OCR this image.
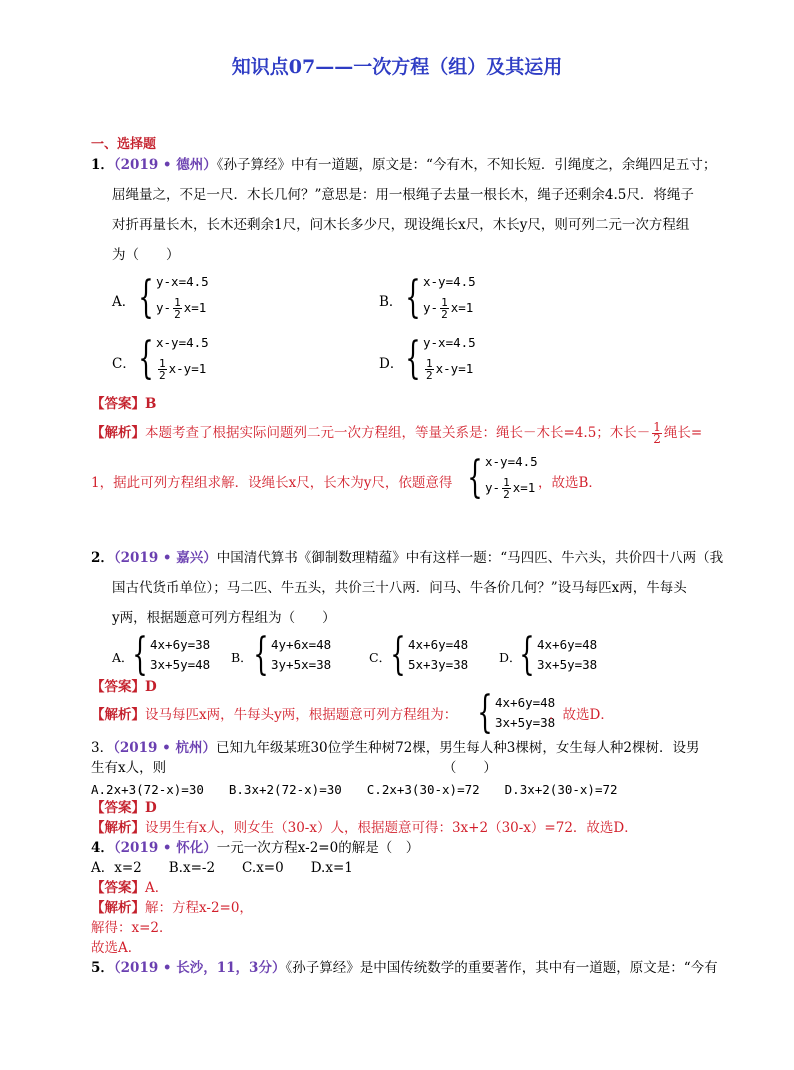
知识点07——一次方程（组）及其运用
一、选择题
1．（2019 • 德州）《孙子算经》中有一道题，原文是：“今有木，不知长短．引绳度之，余绳四足五寸；
屈绳量之，不足一尺．木长几何？”意思是：用一根绳子去量一根长木，绳子还剩余4.5尺．将绳子
对折再量长木，长木还剩余1尺，问木长多少尺，现设绳长x尺，木长y尺，则可列二元一次方程组
为（　　）
A． { y-x=4.5
$y- \frac{1}{2} x=1$	B． { x-y=4.5
$y- \frac{1}{2} x=1$
C． { x-y=4.5
$\frac{1}{2} x-y=1$	D． { y-x=4.5
$\frac{1}{2} x-y=1$
【答案】B
【解析】本题考查了根据实际问题列二元一次方程组，等量关系是：绳长－木长=4.5；木长－ $\frac{1}{2}$ 绳长=
1，据此可列方程组求解．设绳长x尺，长木为y尺，依题意得 { x-y=4.5
$y- \frac{1}{2} x=1$ ，故选B．
2．（2019 • 嘉兴）中国清代算书《御制数理精蕴》中有这样一题：“马四匹、牛六头，共价四十八两（我
国古代货币单位）；马二匹、牛五头，共价三十八两．问马、牛各价几何？”设马每匹x两，牛每头
y两，根据题意可列方程组为（　　）
A．
{ 4x+6y=38
3x+5y=48 B． { 4y+6x=48
3y+5x=38	C． { 4x+6y=48
5x+3y=38 D．
{ 4x+6y=48
3x+5y=38
【答案】D
【解析】设马每匹x两，牛每头y两，根据题意可列方程组为： { 4x+6y=48
3x+5y=38
．故选D．
3．（2019 • 杭州）已知九年级某班30位学生种树72棵，男生每人种3棵树，女生每人种2棵树．设男
生有x人，则　　　　　　　　　　　　　　　　　　　　　（　　）
A.2x+3(72-x)=30　　B.3x+2(72-x)=30　　C.2x+3(30-x)=72　　D.3x+2(30-x)=72
【答案】D
【解析】设男生有x人，则女生（30-x）人，根据题意可得：3x+2（30-x）=72．故选D．
4．（2019 • 怀化）一元一次方程x-2=0的解是（　）
A．x=2　　B.x=-2　　C.x=0　　D.x=1
【答案】A．
【解析】解：方程x-2=0，
解得：x=2．
故选A．
5．（2019 • 长沙，11，3分）《孙子算经》是中国传统数学的重要著作，其中有一道题，原文是：“今有
